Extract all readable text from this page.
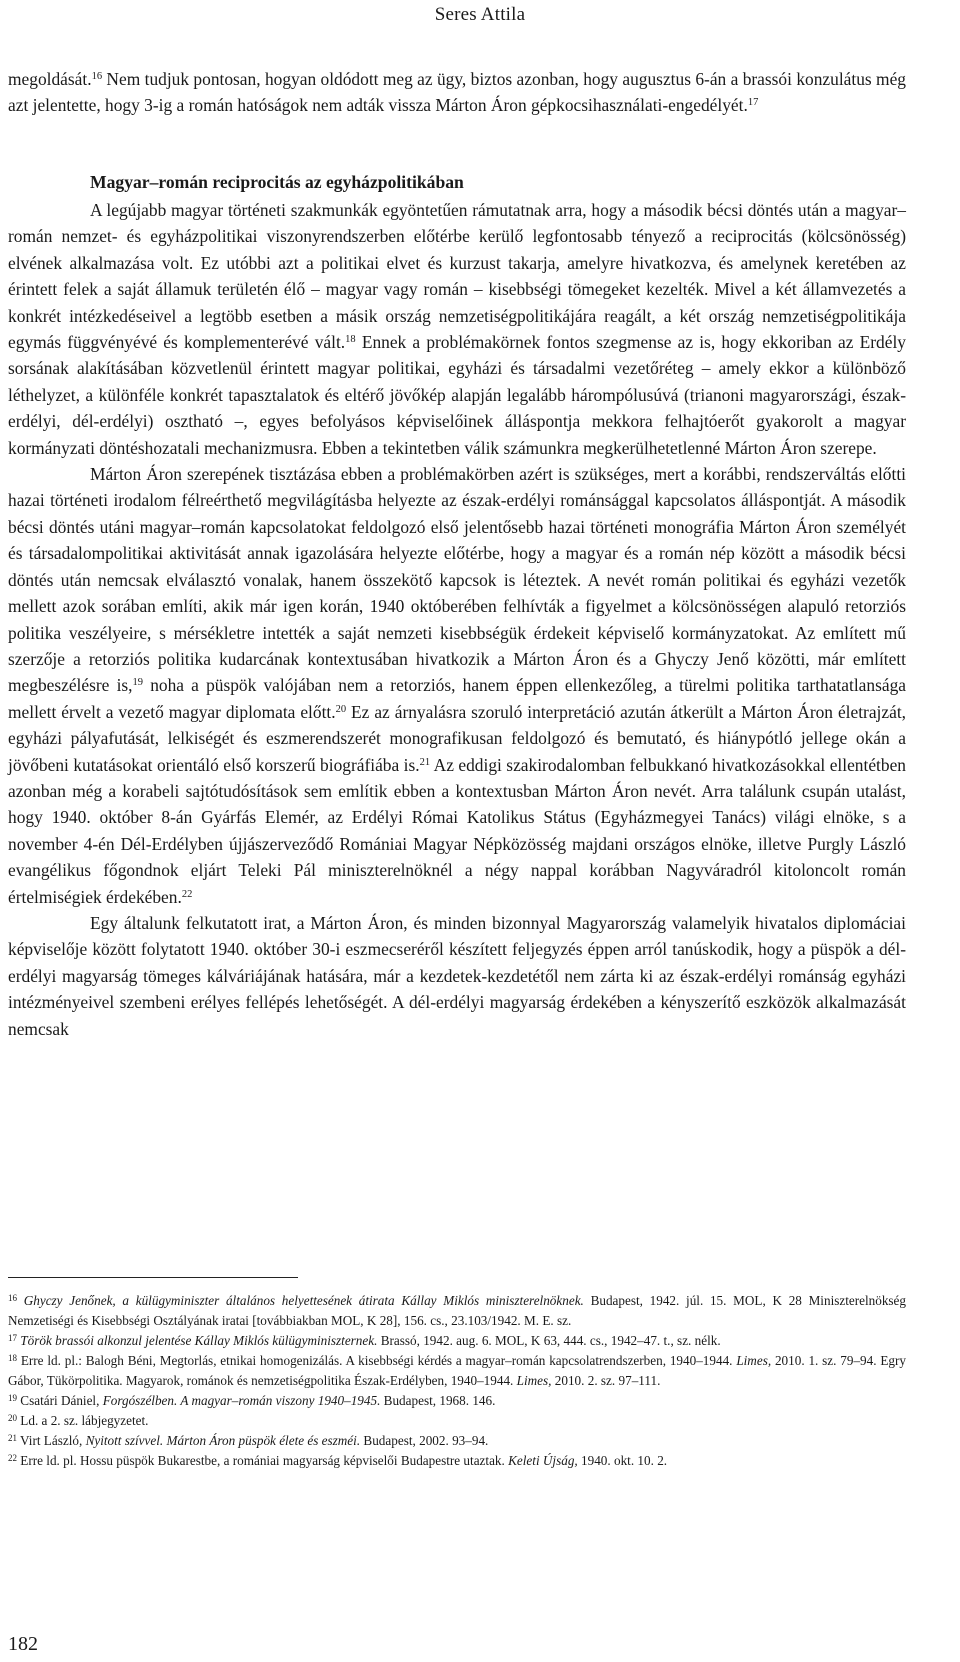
Seres Attila

megoldását.$^{16}$ Nem tudjuk pontosan, hogyan oldódott meg az ügy, biztos azonban, hogy augusztus 6-án a brassói konzulátus még azt jelentette, hogy 3-ig a román hatóságok nem adták vissza Márton Áron gépkocsihasználati-engedélyét.$^{17}$

Magyar–román reciprocitás az egyházpolitikában

A legújabb magyar történeti szakmunkák egyöntetűen rámutatnak arra, hogy a második bécsi döntés után a magyar–román nemzet- és egyházpolitikai viszonyrendszerben előtérbe kerülő legfontosabb tényező a reciprocitás (kölcsönösség) elvének alkalmazása volt. Ez utóbbi azt a politikai elvet és kurzust takarja, amelyre hivatkozva, és amelynek keretében az érintett felek a saját államuk területén élő – magyar vagy román – kisebbségi tömegeket kezelték. Mivel a két államvezetés a konkrét intézkedéseivel a legtöbb esetben a másik ország nemzetiségpolitikájára reagált, a két ország nemzetiségpolitikája egymás függvényévé és komplementerévé vált.$^{18}$ Ennek a problémakörnek fontos szegmense az is, hogy ekkoriban az Erdély sorsának alakításában közvetlenül érintett magyar politikai, egyházi és társadalmi vezetőréteg – amely ekkor a különböző léthelyzet, a különféle konkrét tapasztalatok és eltérő jövőkép alapján legalább hárompólusúvá (trianoni magyarországi, észak-erdélyi, dél-erdélyi) osztható –, egyes befolyásos képviselőinek álláspontja mekkora felhajtóerőt gyakorolt a magyar kormányzati döntéshozatali mechanizmusra. Ebben a tekintetben válik számunkra megkerülhetetlenné Márton Áron szerepe.

Márton Áron szerepének tisztázása ebben a problémakörben azért is szükséges, mert a korábbi, rendszerváltás előtti hazai történeti irodalom félreérthető megvilágításba helyezte az észak-erdélyi románsággal kapcsolatos álláspontját. A második bécsi döntés utáni magyar–román kapcsolatokat feldolgozó első jelentősebb hazai történeti monográfia Márton Áron személyét és társadalompolitikai aktivitását annak igazolására helyezte előtérbe, hogy a magyar és a román nép között a második bécsi döntés után nemcsak elválasztó vonalak, hanem összekötő kapcsok is léteztek. A nevét román politikai és egyházi vezetők mellett azok sorában említi, akik már igen korán, 1940 októberében felhívták a figyelmet a kölcsönösségen alapuló retorziós politika veszélyeire, s mérsékletre intették a saját nemzeti kisebbségük érdekeit képviselő kormányzatokat. Az említett mű szerzője a retorziós politika kudarcának kontextusában hivatkozik a Márton Áron és a Ghyczy Jenő közötti, már említett megbeszélésre is,$^{19}$ noha a püspök valójában nem a retorziós, hanem éppen ellenkezőleg, a türelmi politika tarthatatlansága mellett érvelt a vezető magyar diplomata előtt.$^{20}$ Ez az árnyalásra szoruló interpretáció azután átkerült a Márton Áron életrajzát, egyházi pályafutását, lelkiségét és eszmerendszerét monografikusan feldolgozó és bemutató, és hiánypótló jellege okán a jövőbeni kutatásokat orientáló első korszerű biográfiába is.$^{21}$ Az eddigi szakirodalomban felbukkanó hivatkozásokkal ellentétben azonban még a korabeli sajtótudósítások sem említik ebben a kontextusban Márton Áron nevét. Arra találunk csupán utalást, hogy 1940. október 8-án Gyárfás Elemér, az Erdélyi Római Katolikus Státus (Egyházmegyei Tanács) világi elnöke, s a november 4-én Dél-Erdélyben újjászerveződő Romániai Magyar Népközösség majdani országos elnöke, illetve Purgly László evangélikus főgondnok eljárt Teleki Pál miniszterelnöknél a négy nappal korábban Nagyváradról kitoloncolt román értelmiségiek érdekében.$^{22}$

Egy általunk felkutatott irat, a Márton Áron, és minden bizonnyal Magyarország valamelyik hivatalos diplomáciai képviselője között folytatott 1940. október 30-i eszmecseréről készített feljegyzés éppen arról tanúskodik, hogy a püspök a dél-erdélyi magyarság tömeges kálváriájának hatására, már a kezdetek-kezdetétől nem zárta ki az észak-erdélyi románság egyházi intézményeivel szembeni erélyes fellépés lehetőségét. A dél-erdélyi magyarság érdekében a kényszerítő eszközök alkalmazását nemcsak

$^{16}$ Ghyczy Jenőnek, a külügyminiszter általános helyettesének átirata Kállay Miklós miniszterelnöknek. Budapest, 1942. júl. 15. MOL, K 28 Miniszterelnökség Nemzetiségi és Kisebbségi Osztályának iratai [továbbiakban MOL, K 28], 156. cs., 23.103/1942. M. E. sz.

$^{17}$ Török brassói alkonzul jelentése Kállay Miklós külügyminiszternek. Brassó, 1942. aug. 6. MOL, K 63, 444. cs., 1942–47. t., sz. nélk.

$^{18}$ Erre ld. pl.: Balogh Béni, Megtorlás, etnikai homogenizálás. A kisebbségi kérdés a magyar–román kapcsolatrendszerben, 1940–1944. Limes, 2010. 1. sz. 79–94. Egry Gábor, Tükörpolitika. Magyarok, románok és nemzetiségpolitika Észak-Erdélyben, 1940–1944. Limes, 2010. 2. sz. 97–111.

$^{19}$ Csatári Dániel, Forgószélben. A magyar–román viszony 1940–1945. Budapest, 1968. 146.

$^{20}$ Ld. a 2. sz. lábjegyzetet.

$^{21}$ Virt László, Nyitott szívvel. Márton Áron püspök élete és eszméi. Budapest, 2002. 93–94.

$^{22}$ Erre ld. pl. Hossu püspök Bukarestbe, a romániai magyarság képviselői Budapestre utaztak. Keleti Újság, 1940. okt. 10. 2.

182
